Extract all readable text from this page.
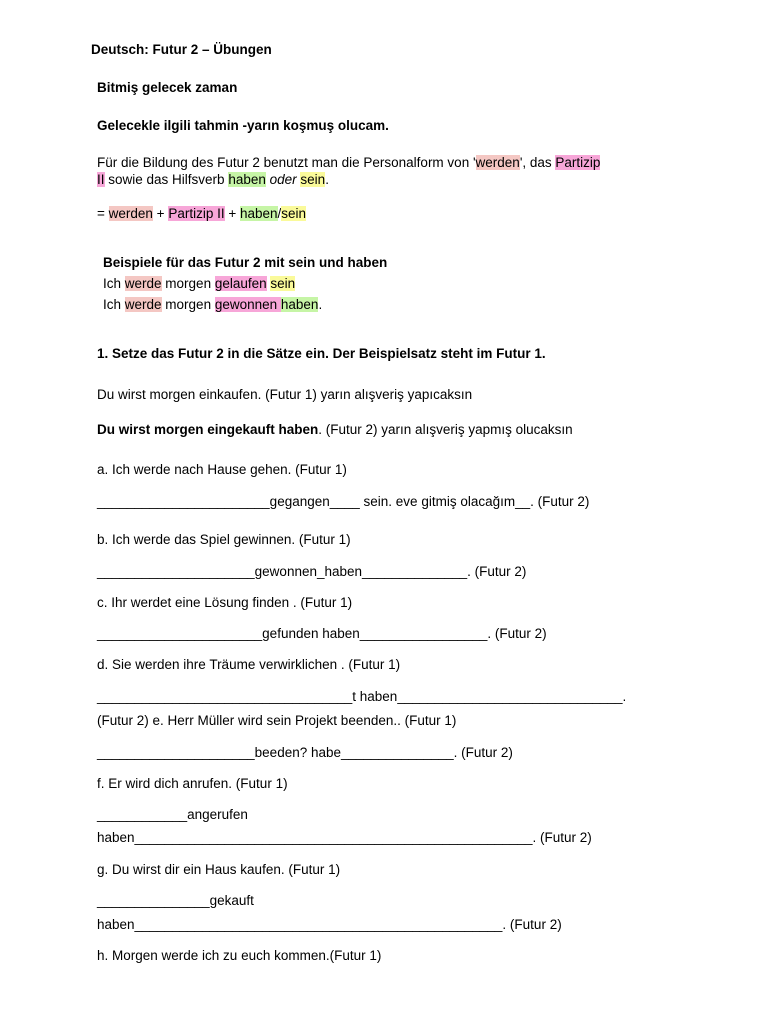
Deutsch: Futur 2 – Übungen
Bitmiş gelecek zaman
Gelecekle ilgili tahmin -yarın koşmuş olucam.
Für die Bildung des Futur 2 benutzt man die Personalform von 'werden', das Partizip
II sowie das Hilfsverb haben oder sein.
= werden + Partizip II + haben/sein
Beispiele für das Futur 2 mit sein und haben
Ich werde morgen gelaufen sein
Ich werde morgen gewonnen haben.
1. Setze das Futur 2 in die Sätze ein. Der Beispielsatz steht im Futur 1.
Du wirst morgen einkaufen. (Futur 1) yarın alışveriş yapıcaksın
Du wirst morgen eingekauft haben. (Futur 2) yarın alışveriş yapmış olucaksın
a. Ich werde nach Hause gehen. (Futur 1)
_______________________gegangen____ sein. eve gitmiş olacağım__. (Futur 2)
b. Ich werde das Spiel gewinnen. (Futur 1)
_____________________gewonnen_haben______________. (Futur 2)
c. Ihr werdet eine Lösung finden . (Futur 1)
______________________gefunden haben_________________. (Futur 2)
d. Sie werden ihre Träume verwirklichen . (Futur 1)
__________________________________t haben______________________________.
(Futur 2) e. Herr Müller wird sein Projekt beenden.. (Futur 1)
_____________________beeden? habe_______________. (Futur 2)
f. Er wird dich anrufen. (Futur 1)
____________angerufen
haben_____________________________________________________. (Futur 2)
g. Du wirst dir ein Haus kaufen. (Futur 1)
_______________gekauft
haben_________________________________________________. (Futur 2)
h. Morgen werde ich zu euch kommen.(Futur 1)
